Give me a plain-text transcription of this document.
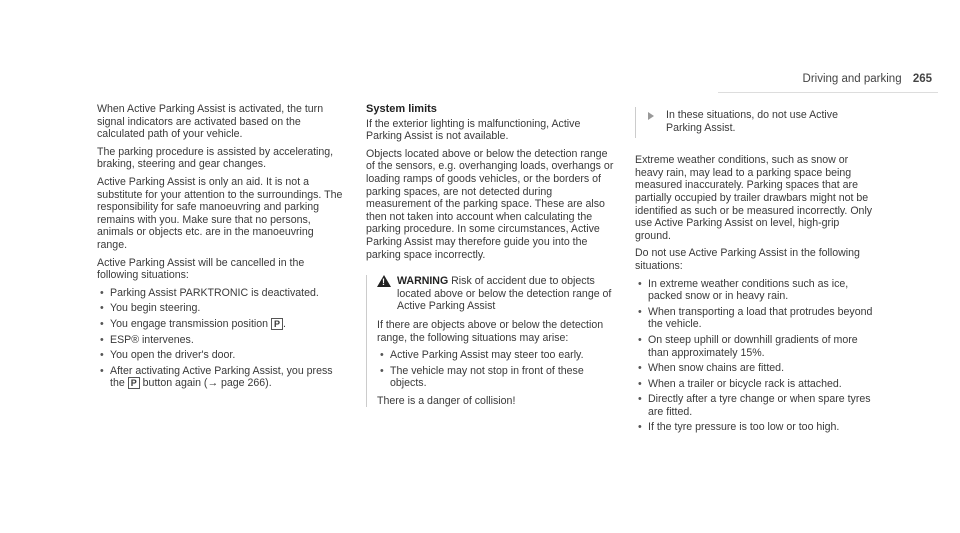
Driving and parking 265

When Active Parking Assist is activated, the turn signal indicators are activated based on the calculated path of your vehicle.

The parking procedure is assisted by accelerating, braking, steering and gear changes.

Active Parking Assist is only an aid. It is not a substitute for your attention to the surroundings. The responsibility for safe manoeuvring and parking remains with you. Make sure that no persons, animals or objects etc. are in the manoeuvring range.

Active Parking Assist will be cancelled in the following situations:

• Parking Assist PARKTRONIC is deactivated.
• You begin steering.
• You engage transmission position P .
• ESP® intervenes.
• You open the driver's door.
• After activating Active Parking Assist, you press the P button again (→ page 266).
System limits

If the exterior lighting is malfunctioning, Active Parking Assist is not available.

Objects located above or below the detection range of the sensors, e.g. overhanging loads, overhangs or loading ramps of goods vehicles, or the borders of parking spaces, are not detected during measurement of the parking space. These are also then not taken into account when calculating the parking procedure. In some circumstances, Active Parking Assist may therefore guide you into the parking space incorrectly.

!
WARNING Risk of accident due to objects located above or below the detection range of Active Parking Assist

If there are objects above or below the detection range, the following situations may arise:

• Active Parking Assist may steer too early.
• The vehicle may not stop in front of these objects.

There is a danger of collision!

In these situations, do not use Active Parking Assist.

Extreme weather conditions, such as snow or heavy rain, may lead to a parking space being measured inaccurately. Parking spaces that are partially occupied by trailer drawbars might not be identified as such or be measured incorrectly. Only use Active Parking Assist on level, high-grip ground.

Do not use Active Parking Assist in the following situations:

• In extreme weather conditions such as ice, packed snow or in heavy rain.
• When transporting a load that protrudes beyond the vehicle.
• On steep uphill or downhill gradients of more than approximately 15%.
• When snow chains are fitted.
• When a trailer or bicycle rack is attached.
• Directly after a tyre change or when spare tyres are fitted.
• If the tyre pressure is too low or too high.
